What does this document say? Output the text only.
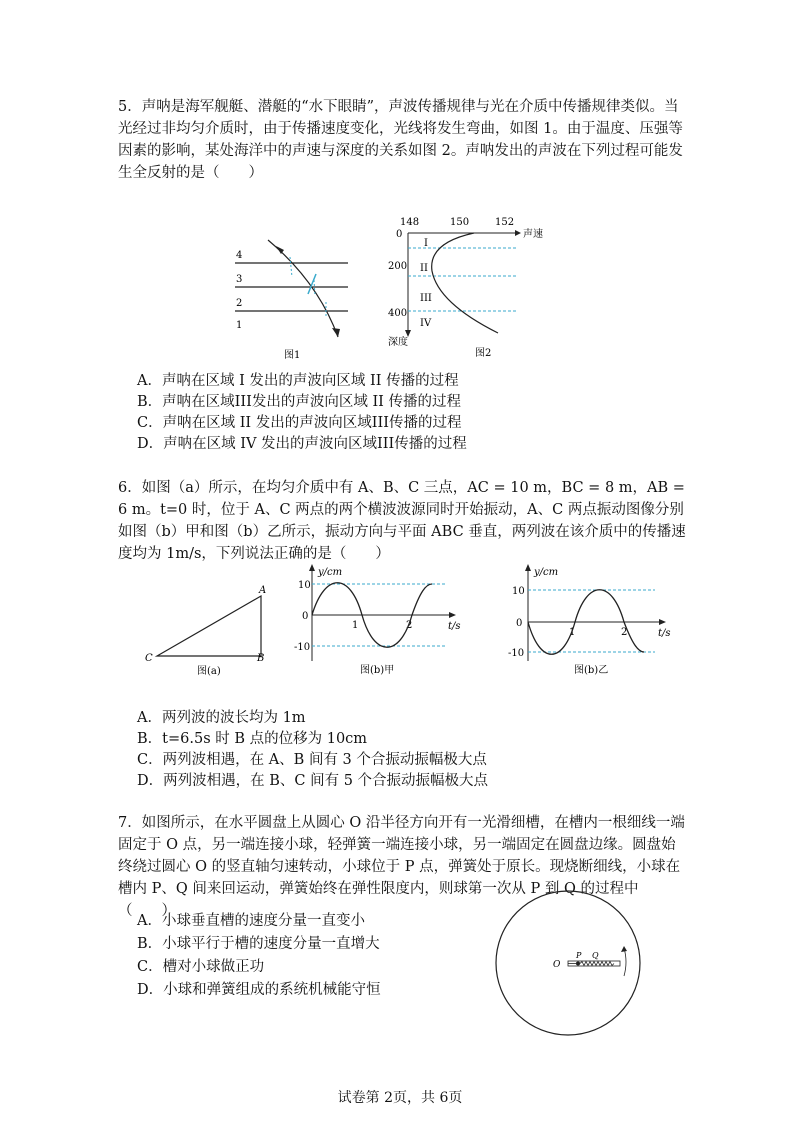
5．声呐是海军舰艇、潜艇的“水下眼睛”，声波传播规律与光在介质中传播规律类似。当光经过非均匀介质时，由于传播速度变化，光线将发生弯曲，如图 1。由于温度、压强等因素的影响，某处海洋中的声速与深度的关系如图 2。声呐发出的声波在下列过程可能发生全反射的是（　　）

4
3
2
1
图1
148	150	152
声速
0
200
400
深度
I
II
III
IV
图2
A．声呐在区域 I 发出的声波向区域 II 传播的过程
B．声呐在区域III发出的声波向区域 II 传播的过程
C．声呐在区域 II 发出的声波向区域III传播的过程
D．声呐在区域 IV 发出的声波向区域III传播的过程

6．如图（a）所示，在均匀介质中有 A、B、C 三点，AC = 10 m，BC = 8 m，AB = 6 m。t=0 时，位于 A、C 两点的两个横波波源同时开始振动，A、C 两点振动图像分别如图（b）甲和图（b）乙所示，振动方向与平面 ABC 垂直，两列波在该介质中的传播速度均为 1m/s，下列说法正确的是（　　）

A
B
C
图(a)
y/cm
t/s
10
0
-10
1	2
图(b)甲
y/cm
t/s
10
0
-10
1	2
图(b)乙
A．两列波的波长均为 1m
B．t=6.5s 时 B 点的位移为 10cm
C．两列波相遇，在 A、B 间有 3 个合振动振幅极大点
D．两列波相遇，在 B、C 间有 5 个合振动振幅极大点

7．如图所示，在水平圆盘上从圆心 O 沿半径方向开有一光滑细槽，在槽内一根细线一端固定于 O 点，另一端连接小球，轻弹簧一端连接小球，另一端固定在圆盘边缘。圆盘始终绕过圆心 O 的竖直轴匀速转动，小球位于 P 点，弹簧处于原长。现烧断细线，小球在槽内 P、Q 间来回运动，弹簧始终在弹性限度内，则球第一次从 P 到 Q 的过程中（　　）

A．小球垂直槽的速度分量一直变小
B．小球平行于槽的速度分量一直增大
C．槽对小球做正功
D．小球和弹簧组成的系统机械能守恒
O
P Q
试卷第 2页，共 6页
